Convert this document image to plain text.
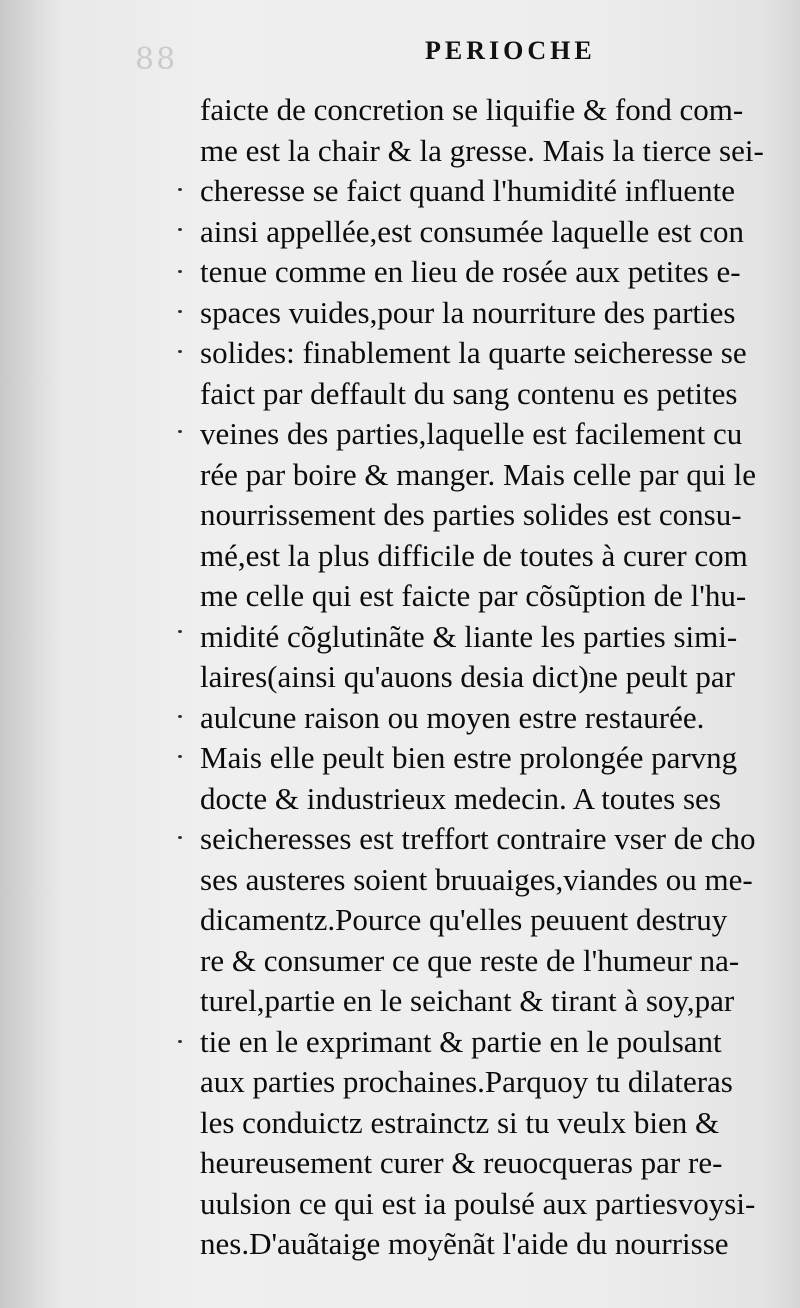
88	PERIOCHE
faicte de concretion se liquifie & fond com-
me est la chair & la gresse. Mais la tierce sei-
cheresse se faict quand l'humidité influente
ainsi appellée,est consumée laquelle est con
tenue comme en lieu de rosée aux petites e-
spaces vuides,pour la nourriture des parties
solides: finablement la quarte seicheresse se
faict par deffault du sang contenu es petites
veines des parties,laquelle est facilement cu
rée par boire & manger. Mais celle par qui le
nourrissement des parties solides est consu-
mé,est la plus difficile de toutes à curer com
me celle qui est faicte par cõsũption de l'hu-
midité cõglutinãte & liante les parties simi-
laires(ainsi qu'auons desia dict)ne peult par
aulcune raison ou moyen estre restaurée.
Mais elle peult bien estre prolongée parvng
docte & industrieux medecin. A toutes ses
seicheresses est treffort contraire vser de cho
ses austeres soient bruuaiges,viandes ou me-
dicamentz.Pource qu'elles peuuent destruy
re & consumer ce que reste de l'humeur na-
turel,partie en le seichant & tirant à soy,par
tie en le exprimant & partie en le poulsant
aux parties prochaines.Parquoy tu dilateras
les conduictz estrainctz si tu veulx bien &
heureusement curer & reuocqueras par re-
uulsion ce qui est ia poulsé aux partiesvoysi-
nes.D'auãtaige moyẽnãt l'aide du nourrisse
